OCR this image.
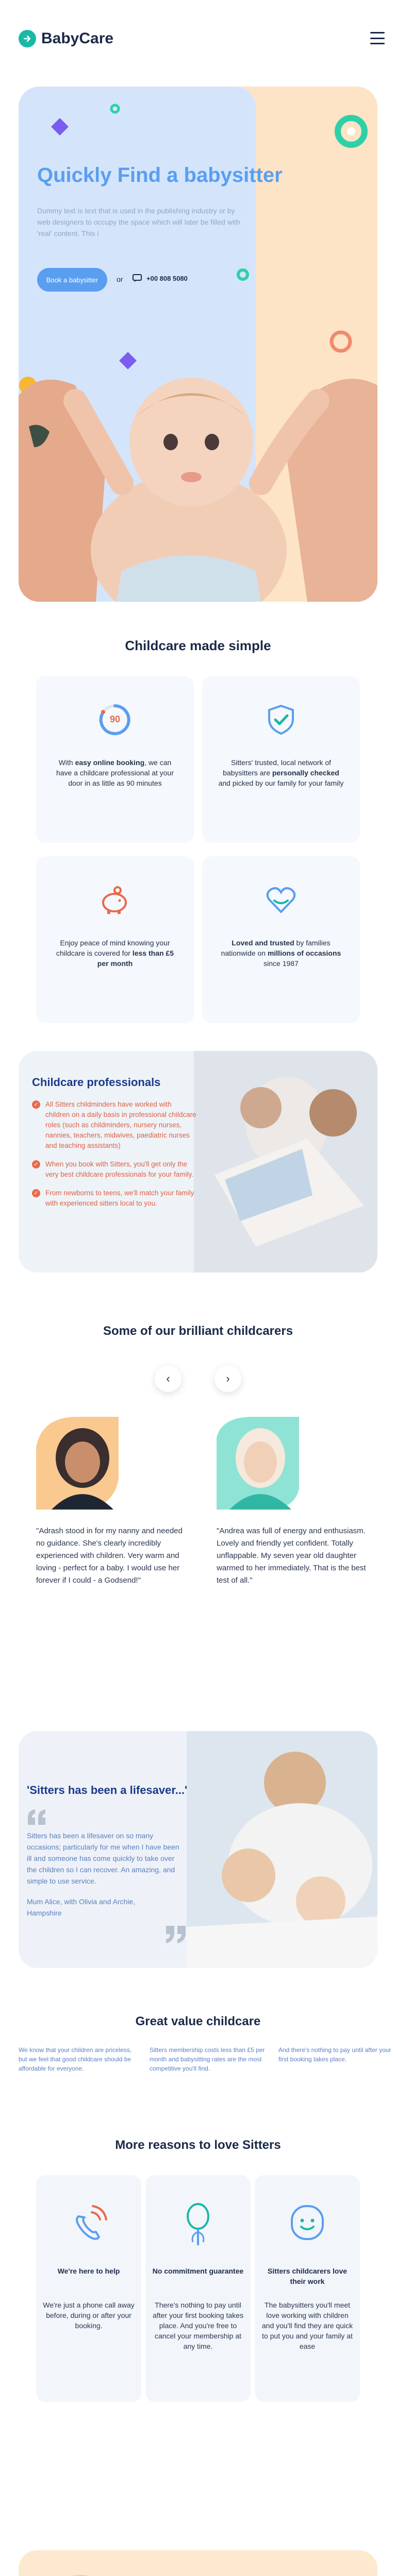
BabyCare
Quickly Find a babysitter
Dummy text is text that is used in the publishing industry or by web designers to occupy the space which will later be filled with 'real' content. This i
Book a babysitter	or	+00 808 5080
Childcare made simple
90
With easy online booking, we can have a childcare professional at your door in as little as 90 minutes
Sitters' trusted, local network of babysitters are personally checked and picked by our family for your family
Enjoy peace of mind knowing your childcare is covered for less than £5 per month
Loved and trusted by families nationwide on millions of occasions since 1987
Childcare professionals
✓ All Sitters childminders have worked with children on a daily basis in professional childcare roles (such as childminders, nursery nurses, nannies, teachers, midwives, paediatric nurses and teaching assistants)
✓ When you book with Sitters, you'll get only the very best childcare professionals for your family.
✓ From newborns to teens, we'll match your family with experienced sitters local to you.
Some of our brilliant childcarers
‹	›
"Adrash stood in for my nanny and needed no guidance. She's clearly incredibly experienced with children. Very warm and loving - perfect for a baby. I would use her forever if I could - a Godsend!"
"Andrea was full of energy and enthusiasm. Lovely and friendly yet confident. Totally unflappable. My seven year old daughter warmed to her immediately. That is the best test of all."
'Sitters has been a lifesaver...'
Sitters has been a lifesaver on so many occasions; particularly for me when I have been ill and someone has come quickly to take over the children so I can recover. An amazing, and simple to use service.
Mum Alice, with Olivia and Archie, Hampshire
Great value childcare
We know that your children are priceless, but we feel that good childcare should be affordable for everyone.
Sitters membership costs less than £5 per month and babysitting rates are the most competitive you'll find.
And there's nothing to pay until after your first booking takes place.
More reasons to love Sitters
We're here to help
We're just a phone call away before, during or after your booking.
No commitment guarantee
There's nothing to pay until after your first booking takes place. And you're free to cancel your membership at any time.
Sitters childcarers love their work
The babysitters you'll meet love working with children and you'll find they are quick to put you and your family at ease
